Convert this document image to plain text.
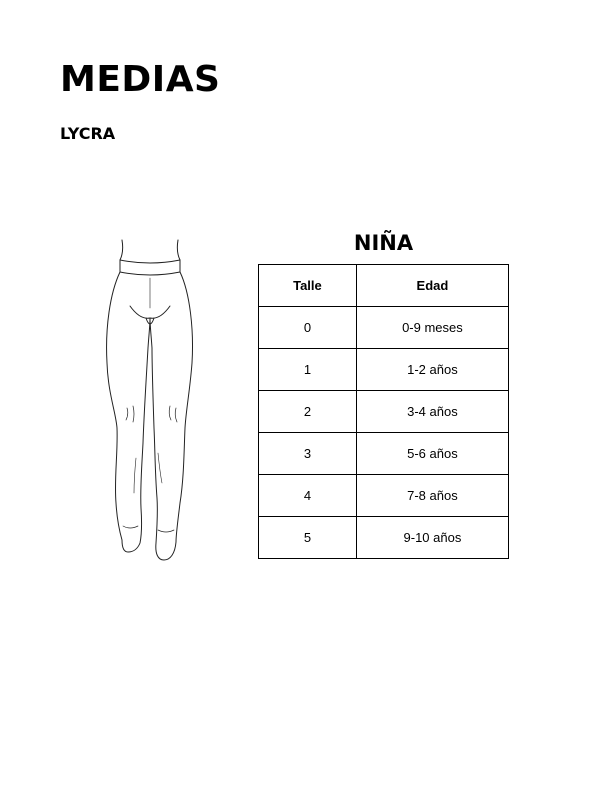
MEDIAS
LYCRA
NIÑA
Talle	Edad
0	0-9 meses
1	1-2 años
2	3-4 años
3	5-6 años
4	7-8 años
5	9-10 años
